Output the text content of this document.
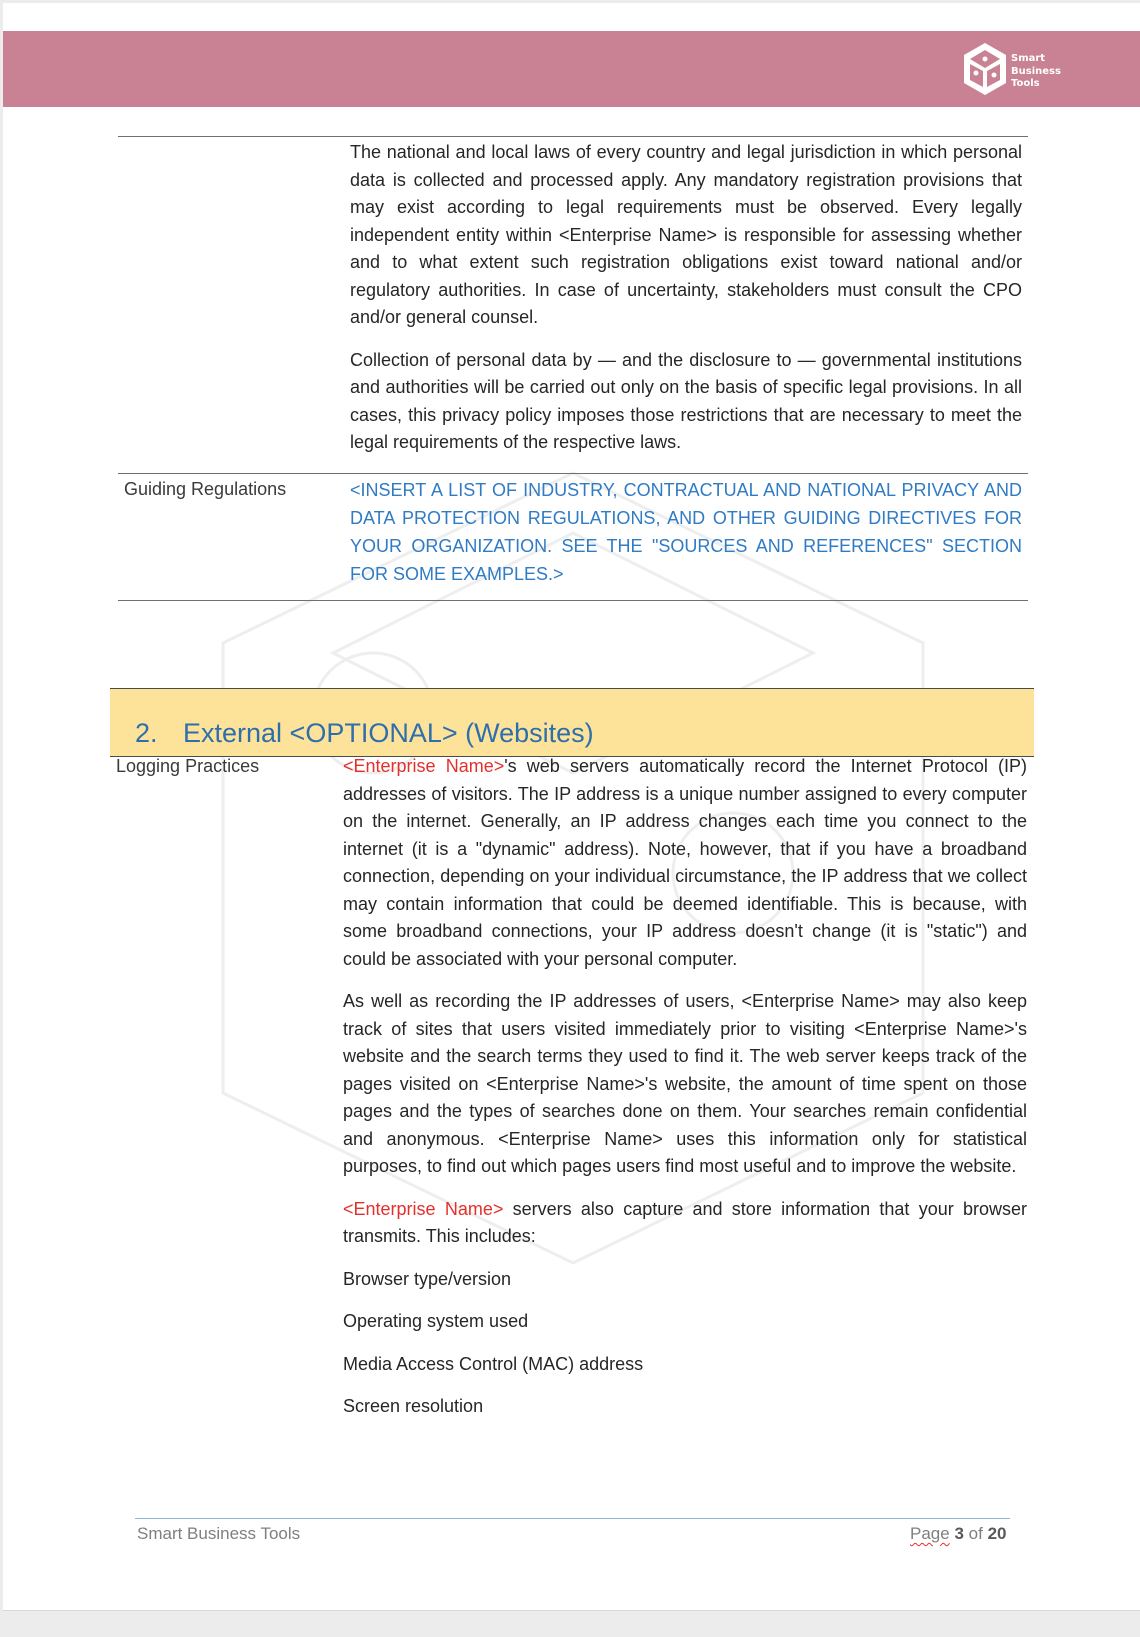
Smart
Business
Tools

The national and local laws of every country and legal jurisdiction in which personal data is collected and processed apply. Any mandatory registration provisions that may exist according to legal requirements must be observed. Every legally independent entity within <Enterprise Name> is responsible for assessing whether and to what extent such registration obligations exist toward national and/or regulatory authorities. In case of uncertainty, stakeholders must consult the CPO and/or general counsel.

Collection of personal data by — and the disclosure to — governmental institutions and authorities will be carried out only on the basis of specific legal provisions. In all cases, this privacy policy imposes those restrictions that are necessary to meet the legal requirements of the respective laws.

Guiding Regulations	<INSERT A LIST OF INDUSTRY, CONTRACTUAL AND NATIONAL PRIVACY AND DATA PROTECTION REGULATIONS, AND OTHER GUIDING DIRECTIVES FOR YOUR ORGANIZATION. SEE THE "SOURCES AND REFERENCES" SECTION FOR SOME EXAMPLES.>
2. External <OPTIONAL> (Websites)
Logging Practices	<Enterprise Name>'s web servers automatically record the Internet Protocol (IP) addresses of visitors. The IP address is a unique number assigned to every computer on the internet. Generally, an IP address changes each time you connect to the internet (it is a "dynamic" address). Note, however, that if you have a broadband connection, depending on your individual circumstance, the IP address that we collect may contain information that could be deemed identifiable. This is because, with some broadband connections, your IP address doesn't change (it is "static") and could be associated with your personal computer.

As well as recording the IP addresses of users, <Enterprise Name> may also keep track of sites that users visited immediately prior to visiting <Enterprise Name>'s website and the search terms they used to find it. The web server keeps track of the pages visited on <Enterprise Name>'s website, the amount of time spent on those pages and the types of searches done on them. Your searches remain confidential and anonymous. <Enterprise Name> uses this information only for statistical purposes, to find out which pages users find most useful and to improve the website.

<Enterprise Name> servers also capture and store information that your browser transmits. This includes:

Browser type/version

Operating system used

Media Access Control (MAC) address

Screen resolution

Smart Business Tools	Page 3 of 20
